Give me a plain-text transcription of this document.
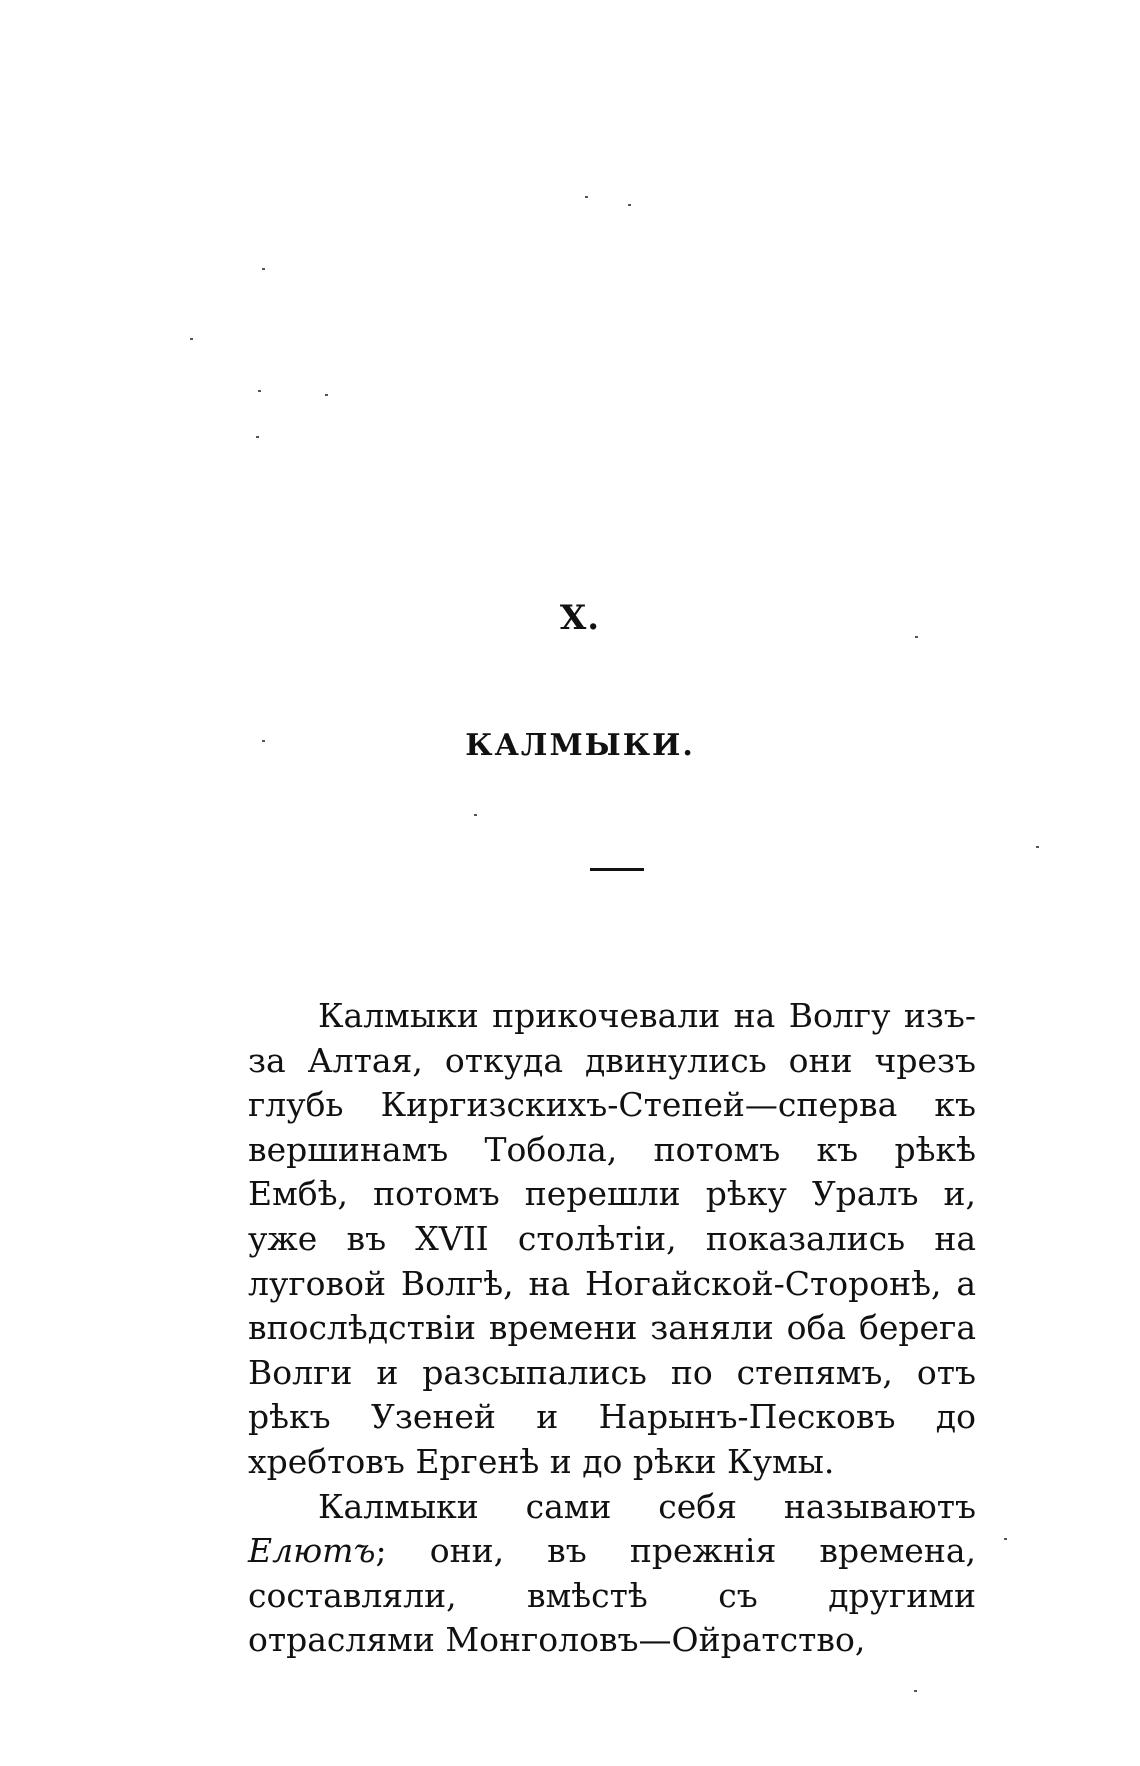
X.
КАЛМЫКИ.

Калмыки прикочевали на Волгу изъ-за Алтая, откуда двинулись они чрезъ глубь Киргизскихъ-Степей—сперва къ вершинамъ Тобола, потомъ къ рѣкѣ Ембѣ, потомъ перешли рѣку Уралъ и, уже въ XVII столѣтіи, показались на луговой Волгѣ, на Ногайской-Сторонѣ, а впослѣдствіи времени заняли оба берега Волги и разсыпались по степямъ, отъ рѣкъ Узеней и Нарынъ-Песковъ до хребтовъ Ергенѣ и до рѣки Кумы.

Калмыки сами себя называютъ Елютъ; они, въ прежнія времена, составляли, вмѣстѣ съ другими отраслями Монголовъ—Ойратство,
